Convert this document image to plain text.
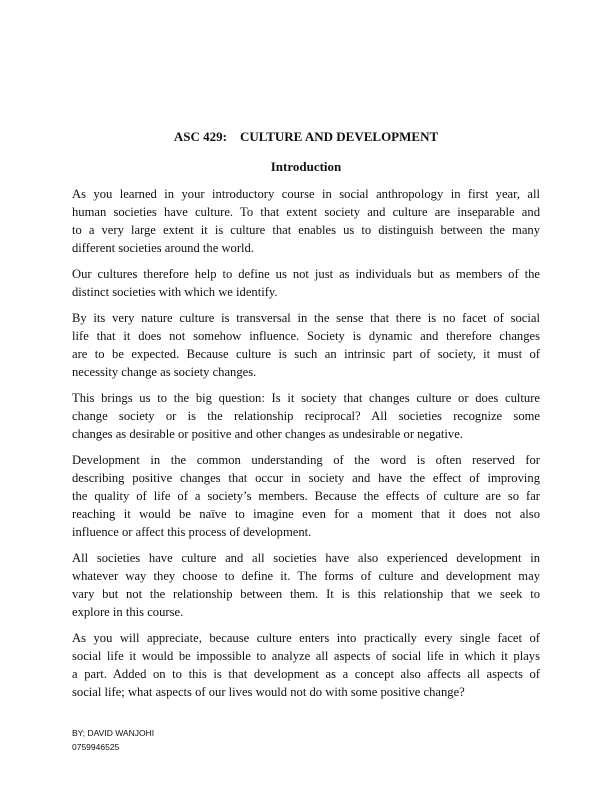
ASC 429:    CULTURE AND DEVELOPMENT
Introduction
As you learned in your introductory course in social anthropology in first year, all
human societies have culture. To that extent society and culture are inseparable and
to a very large extent it is culture that enables us to distinguish between the many
different societies around the world.
Our cultures therefore help to define us not just as individuals but as members of the
distinct societies with which we identify.
By its very nature culture is transversal in the sense that there is no facet of social
life that it does not somehow influence. Society is dynamic and therefore changes
are to be expected. Because culture is such an intrinsic part of society, it must of
necessity change as society changes.
This brings us to the big question: Is it society that changes culture or does culture
change society or is the relationship reciprocal? All societies recognize some
changes as desirable or positive and other changes as undesirable or negative.
Development in the common understanding of the word is often reserved for
describing positive changes that occur in society and have the effect of improving
the quality of life of a society’s members. Because the effects of culture are so far
reaching it would be naïve to imagine even for a moment that it does not also
influence or affect this process of development.
All societies have culture and all societies have also experienced development in
whatever way they choose to define it. The forms of culture and development may
vary but not the relationship between them. It is this relationship that we seek to
explore in this course.
As you will appreciate, because culture enters into practically every single facet of
social life it would be impossible to analyze all aspects of social life in which it plays
a part. Added on to this is that development as a concept also affects all aspects of
social life; what aspects of our lives would not do with some positive change?
BY; DAVID WANJOHI
0759946525
